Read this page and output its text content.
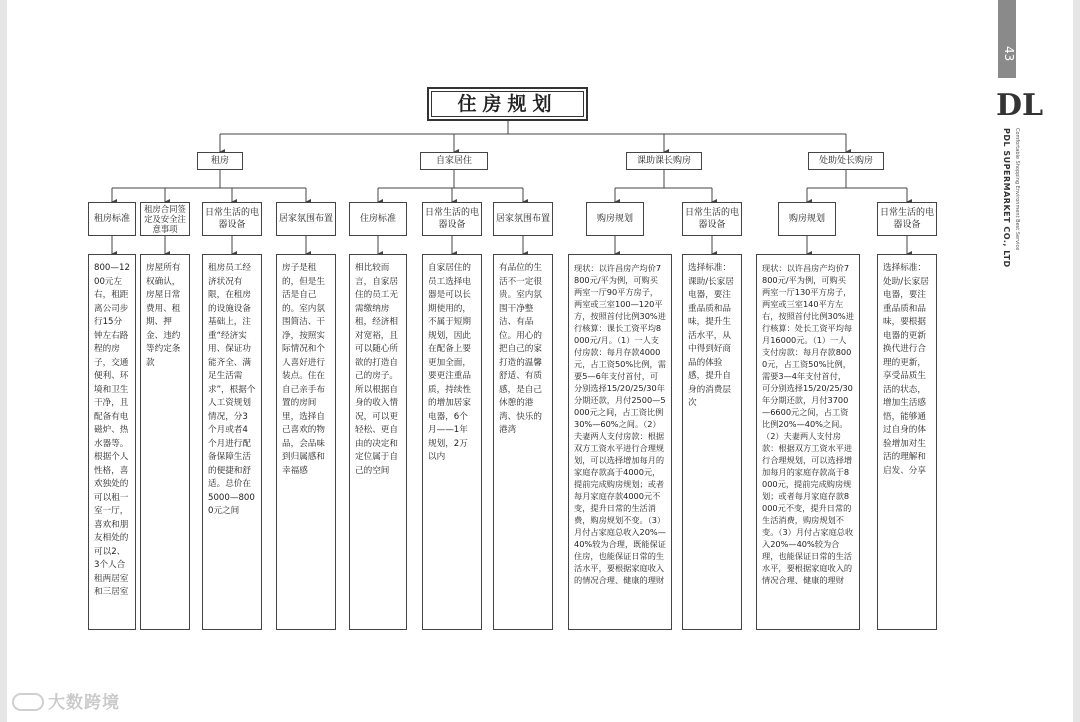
43
DL
PDL SUPERMARKET CO., LTD Comfortable Shopping Environment Best Service
住房规划
租房	自家居住	课助课长购房	处助处长购房
租房标准
租房合同签定及安全注意事项
日常生活的电器设备
居家氛围布置	住房标准
日常生活的电器设备
居家氛围布置	购房规划
日常生活的电器设备
购房规划
日常生活的电器设备
800—1200元左右，租距离公司步行15分钟左右路程的房子，交通便利、环境和卫生干净，且配备有电磁炉、热水器等。根据个人性格，喜欢独处的可以租一室一厅，喜欢和朋友相处的可以2、3个人合租两居室和三居室
房屋所有权确认，房屋日常费用、租期、押金、违约等约定条款
租房员工经济状况有限，在租房的设施设备基础上，注重“经济实用、保证功能齐全、满足生活需求”，根据个人工资规划情况，分3个月或者4个月进行配备保障生活的便捷和舒适。总价在5000—8000元之间
房子是租的，但是生活是自己的。室内氛围简洁、干净，按照实际情况和个人喜好进行装点。住在自己亲手布置的房间里，选择自己喜欢的物品，会品味到归属感和幸福感
相比较而言，自家居住的员工无需缴纳房租，经济相对宽裕，且可以随心所欲的打造自己的房子。所以根据自身的收入情况，可以更轻松、更自由的决定和定位属于自己的空间
自家居住的员工选择电器是可以长期使用的，不属于短期规划，因此在配备上要更加全面，要更注重品质，持续性的增加居家电器，6个月——1年规划，2万以内
有品位的生活不一定很贵。室内氛围干净整洁、有品位。用心的把自己的家打造的温馨舒适、有质感，是自己休憩的港湾、快乐的港湾
现状：以许昌房产均价7800元/平为例，可购买两室一厅90平方房子，两室或三室100—120平方，按照首付比例30%进行核算：课长工资平均8000元/月。（1）一人支付房款：每月存款4000元，占工资50%比例，需要5—6年支付首付，可分别选择15/20/25/30年分期还款，月付2500—5000元之间，占工资比例30%—60%之间。（2）夫妻两人支付房款：根据双方工资水平进行合理规划，可以选择增加每月的家庭存款高于4000元，提前完成购房规划；或者每月家庭存款4000元不变，提升日常的生活消费，购房规划不变。（3）月付占家庭总收入20%—40%较为合理，既能保证住房，也能保证日常的生活水平，要根据家庭收入的情况合理、健康的理财
选择标准：课助/长家居电器，要注重品质和品味，提升生活水平，从中得到好商品的体验感，提升自身的消费层次
现状：以许昌房产均价7800元/平为例，可购买两室一厅130平方房子，两室或三室140平方左右，按照首付比例30%进行核算：处长工资平均每月16000元。（1）一人支付房款：每月存款8000元，占工资50%比例，需要3—4年支付首付，可分别选择15/20/25/30年分期还款，月付3700—6600元之间，占工资比例20%—40%之间。（2）夫妻两人支付房款：根据双方工资水平进行合理规划，可以选择增加每月的家庭存款高于8000元，提前完成购房规划；或者每月家庭存款8000元不变，提升日常的生活消费，购房规划不变。（3）月付占家庭总收入20%—40%较为合理，也能保证日常的生活水平，要根据家庭收入的情况合理、健康的理财
选择标准：处助/长家居电器，要注重品质和品味，要根据电器的更新换代进行合理的更新，享受品质生活的状态，增加生活感悟，能够通过自身的体验增加对生活的理解和启发、分享
大数跨境
